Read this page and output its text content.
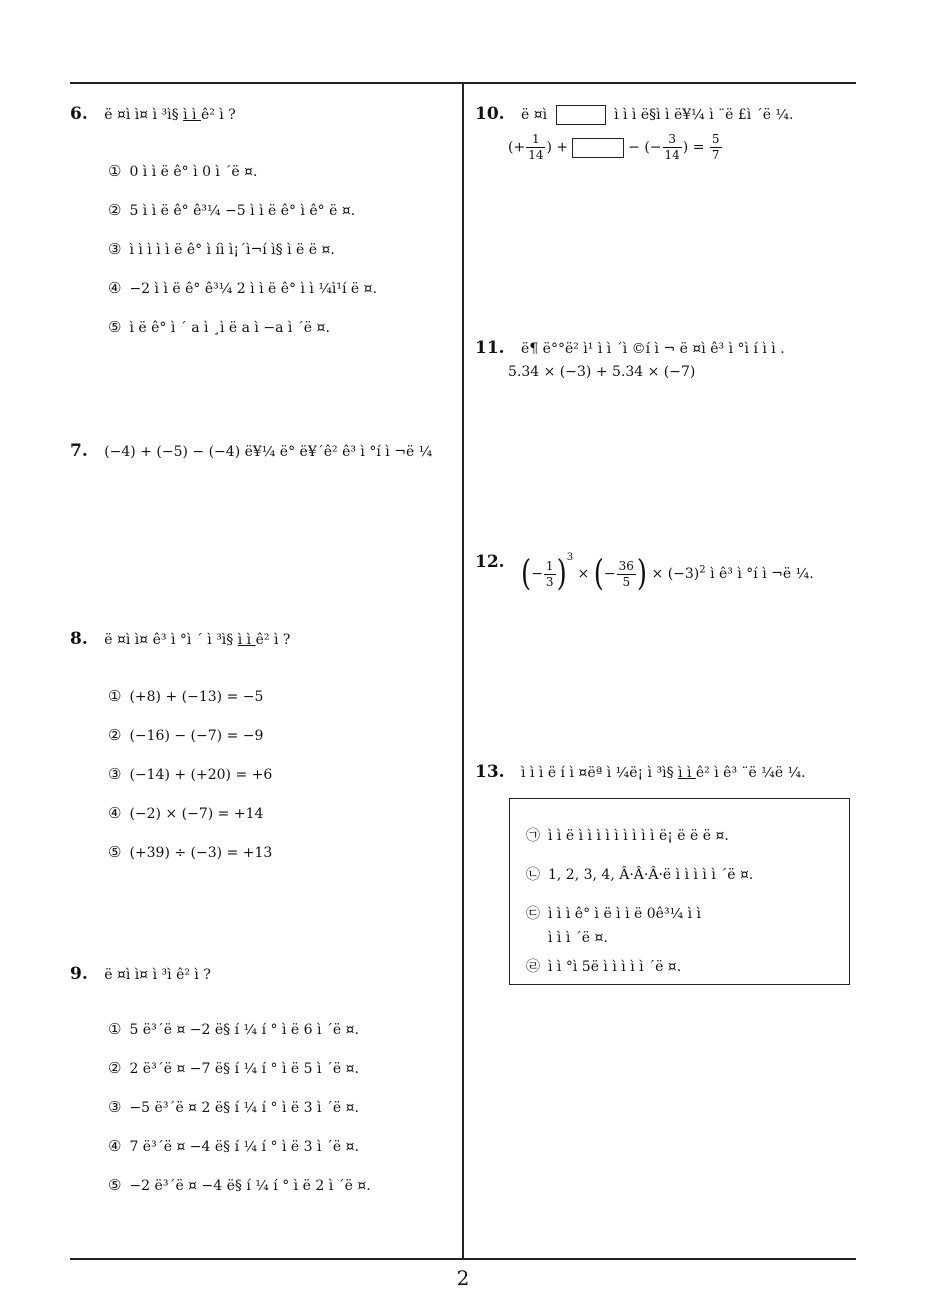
6. ë ¤ì ì¤ ì ³ì§ ì ì ê² ì ?
① 0 ì ì ë ê° ì 0 ì ´ë ¤.
② 5 ì ì ë ê° ê³¼ −5 ì ì ë ê° ì ê° ë ¤.
③ ì ì ì ì ì ë ê° ì íì ì¡´ì¬í ì§ ì ë ë ¤.
④ −2 ì ì ë ê° ê³¼ 2 ì ì ë ê° ì ì ¼ì¹í ë ¤.
⑤ ì ë ê° ì ´ a ì ¸ì ë a ì −a ì ´ë ¤.
7. (−4) + (−5) − (−4) ë¥¼ ë° ë¥´ê² ê³ ì °í ì ¬ë ¼
8. ë ¤ì ì¤ ê³ ì °ì ´ ì ³ì§ ì ì ê² ì ?
① (+8) + (−13) = −5
② (−16) − (−7) = −9
③ (−14) + (+20) = +6
④ (−2) × (−7) = +14
⑤ (+39) ÷ (−3) = +13
9. ë ¤ì ì¤ ì ³ì ê² ì ?
① 5 ë³´ë ¤ −2 ë§ í ¼ í ° ì ë 6 ì ´ë ¤.
② 2 ë³´ë ¤ −7 ë§ í ¼ í ° ì ë 5 ì ´ë ¤.
③ −5 ë³´ë ¤ 2 ë§ í ¼ í ° ì ë 3 ì ´ë ¤.
④ 7 ë³´ë ¤ −4 ë§ í ¼ í ° ì ë 3 ì ´ë ¤.
⑤ −2 ë³´ë ¤ −4 ë§ í ¼ í ° ì ë 2 ì ´ë ¤.
10. ë ¤ì	ì ì ì ë§ì ì ë¥¼ ì ¨ë £ì ´ë ¼.
(+ $\frac{1}{14}$ ) +	− (− $\frac{3}{14}$ ) = $\frac{5}{7}$
11. ë¶ ë°°ë² ì¹ ì ì ´ì ©í ì ¬ ë ¤ì ê³ ì °ì í ì ì .
5.34 × (−3) + 5.34 × (−7)
12. (− $\frac{1}{3} )^3$ × (− $\frac{36}{5}$ ) × $(-3)^2$ ì ê³ ì °í ì ¬ë ¼.
13. ì ì ì ë í ì ¤ëª ì ¼ë¡ ì ³ì§ ì ì ê² ì ê³ ¨ë ¼ë ¼.
㉠ ì ì ë ì ì ì ì ì ì ì ì ì ë¡ ë ë ë ¤.
㉡ 1, 2, 3, 4, Â·Â·Â·ë ì ì ì ì ì ´ë ¤.
㉢ ì ì ì ê° ì ë ì ì ë 0ê³¼ ì ì
ì ì ì ´ë ¤.
㉣ ì ì °ì 5ë ì ì ì ì ì ´ë ¤.
2
